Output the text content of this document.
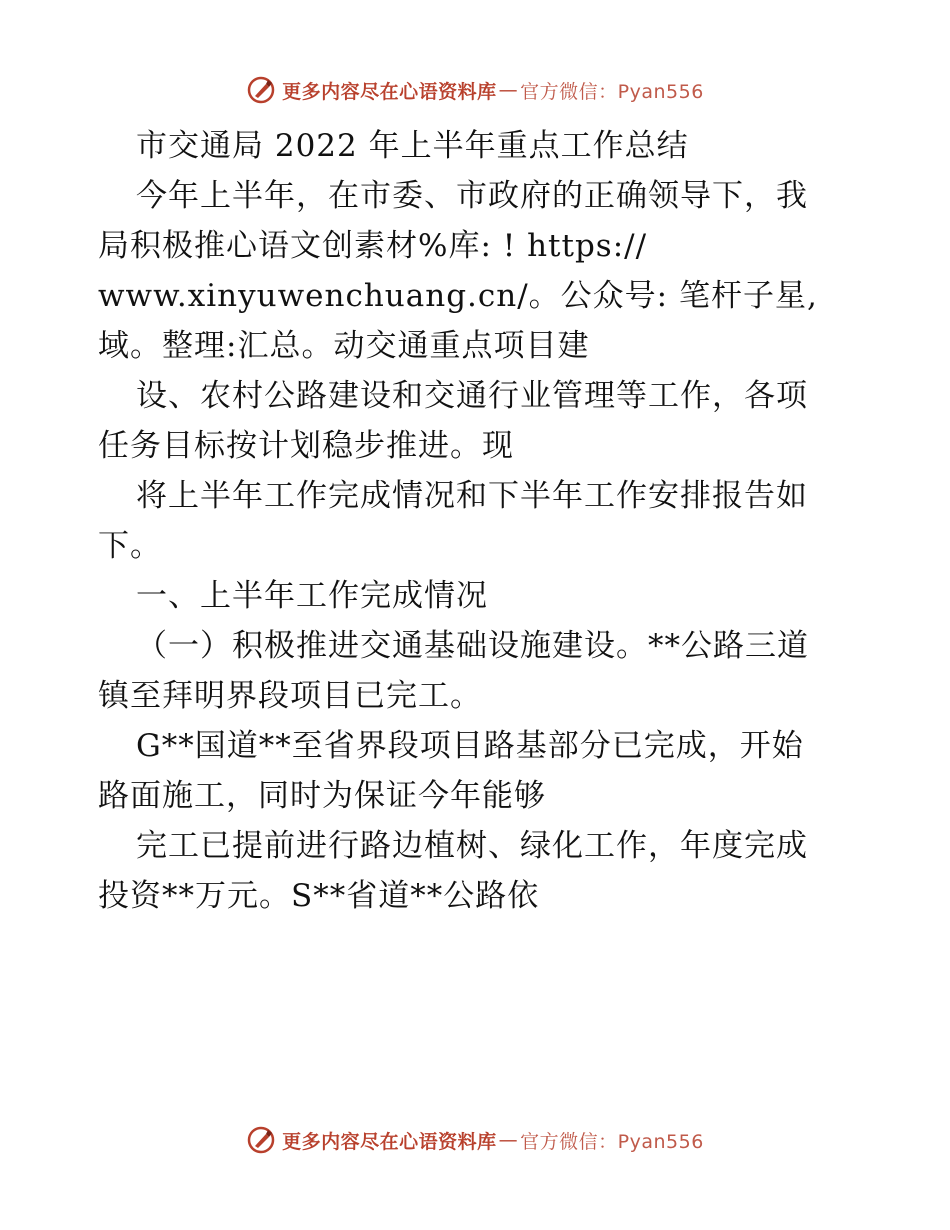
更多内容尽在心语资料库 — 官方微信：Pyan556
市交通局 2022 年上半年重点工作总结
今年上半年，在市委、市政府的正确领导下，我
局积极推心语文创素材%库: ! https://
www.xinyuwenchuang.cn/。公众号: 笔杆子星,
域。整理:汇总。动交通重点项目建
设、农村公路建设和交通行业管理等工作，各项
任务目标按计划稳步推进。现
将上半年工作完成情况和下半年工作安排报告如
下。
一、上半年工作完成情况
（一）积极推进交通基础设施建设。**公路三道
镇至拜明界段项目已完工。
G**国道**至省界段项目路基部分已完成，开始
路面施工，同时为保证今年能够
完工已提前进行路边植树、绿化工作，年度完成
投资**万元。S**省道**公路依
更多内容尽在心语资料库 — 官方微信：Pyan556
